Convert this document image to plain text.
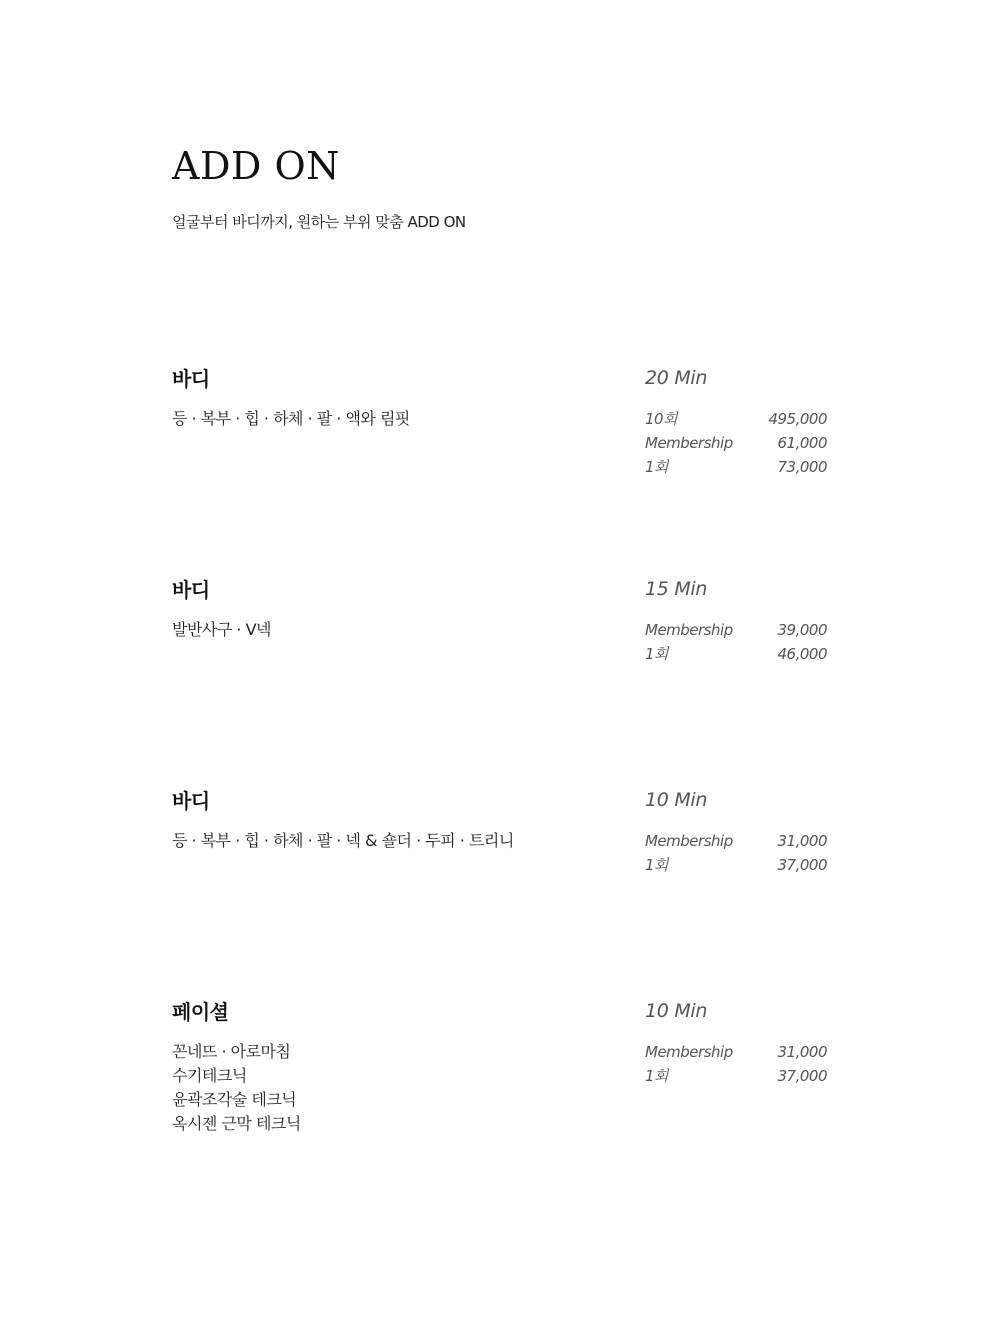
ADD ON

얼굴부터 바디까지, 원하는 부위 맞춤 ADD ON

바디	20 Min
등 · 복부 · 힙 · 하체 · 팔 · 액와 림핏	10회	495,000
Membership	61,000
1회	73,000
바디	15 Min
발반사구 · V넥	Membership	39,000
1회	46,000
바디	10 Min
등 · 복부 · 힙 · 하체 · 팔 · 넥 & 숄더 · 두피 · 트리니	Membership	31,000
1회	37,000
페이셜	10 Min
꼰네뜨 · 아로마침
수기테크닉
윤곽조각술 테크닉
옥시젠 근막 테크닉
Membership	31,000
1회	37,000
